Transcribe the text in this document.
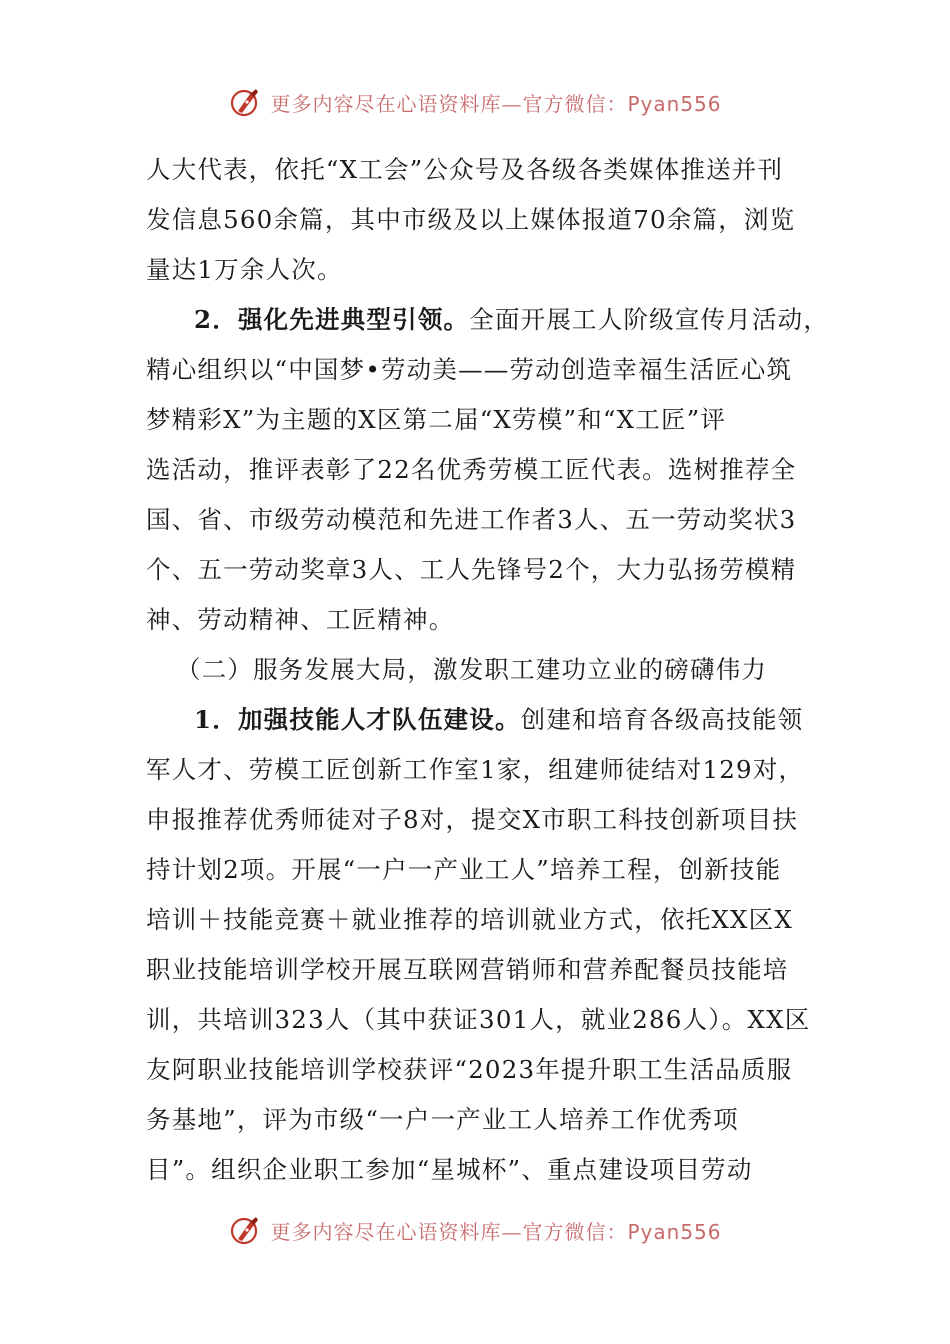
更多内容尽在心语资料库—官方微信：Pyan556
人大代表，依托“X工会”公众号及各级各类媒体推送并刊
发信息560余篇，其中市级及以上媒体报道70余篇，浏览
量达1万余人次。
2．强化先进典型引领。全面开展工人阶级宣传月活动，
精心组织以“中国梦•劳动美——劳动创造幸福生活匠心筑
梦精彩X”为主题的X区第二届“X劳模”和“X工匠”评
选活动，推评表彰了22名优秀劳模工匠代表。选树推荐全
国、省、市级劳动模范和先进工作者3人、五一劳动奖状3
个、五一劳动奖章3人、工人先锋号2个，大力弘扬劳模精
神、劳动精神、工匠精神。
（二）服务发展大局，激发职工建功立业的磅礴伟力
1．加强技能人才队伍建设。创建和培育各级高技能领
军人才、劳模工匠创新工作室1家，组建师徒结对129对，
申报推荐优秀师徒对子8对，提交X市职工科技创新项目扶
持计划2项。开展“一户一产业工人”培养工程，创新技能
培训＋技能竞赛＋就业推荐的培训就业方式，依托XX区X
职业技能培训学校开展互联网营销师和营养配餐员技能培
训，共培训323人（其中获证301人，就业286人）。XX区
友阿职业技能培训学校获评“2023年提升职工生活品质服
务基地”，评为市级“一户一产业工人培养工作优秀项
目”。组织企业职工参加“星城杯”、重点建设项目劳动
更多内容尽在心语资料库—官方微信：Pyan556
